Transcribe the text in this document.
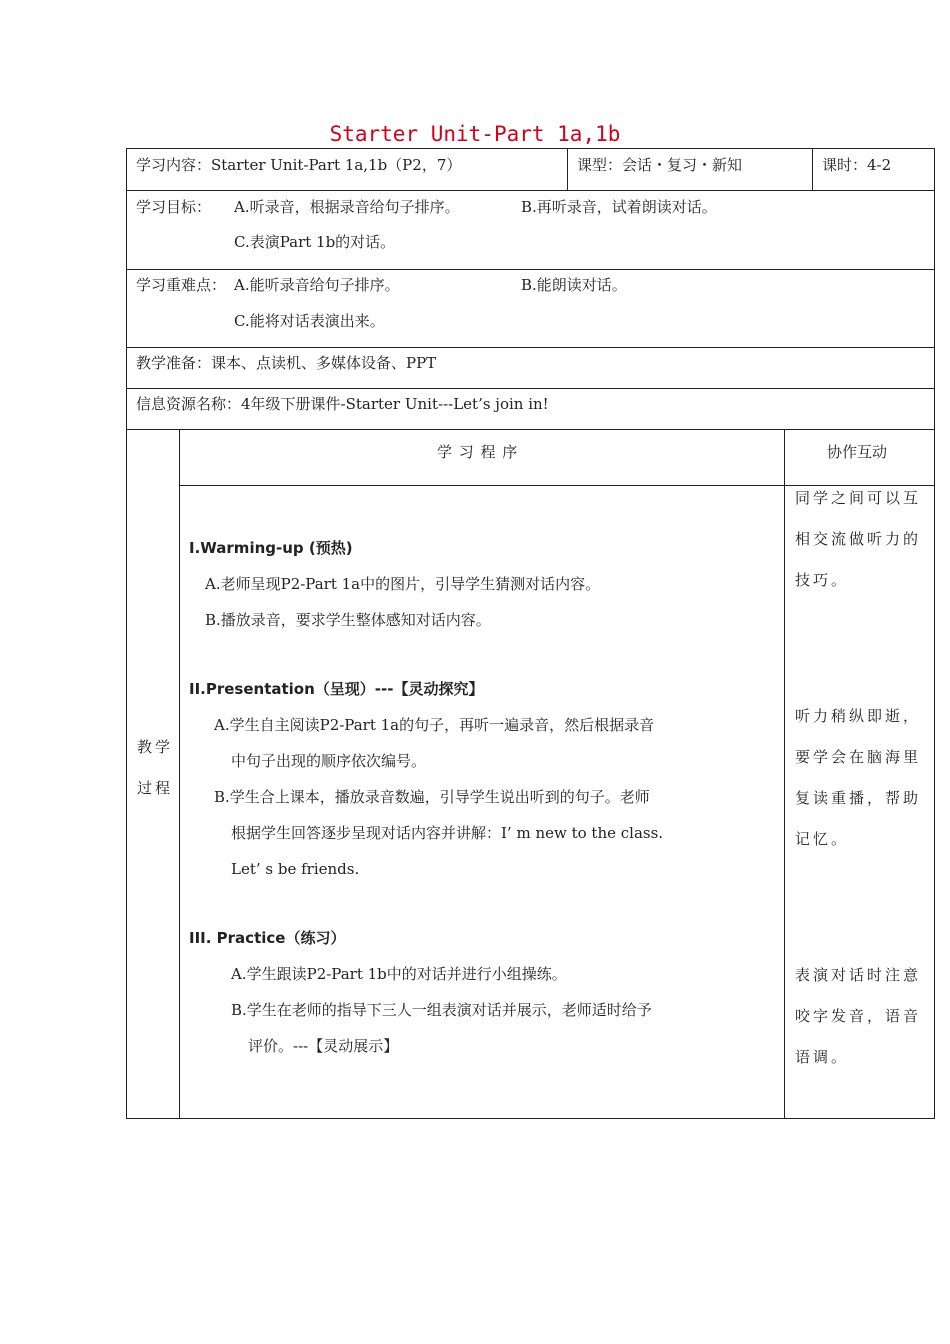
Starter Unit-Part 1a,1b
学习内容：Starter Unit-Part 1a,1b（P2，7）	课型：会话・复习・新知	课时：4-2
学习目标： A.听录音，根据录音给句子排序。	B.再听录音，试着朗读对话。
C.表演Part 1b的对话。
学习重难点： A.能听录音给句子排序。	B.能朗读对话。
C.能将对话表演出来。
教学准备：课本、点读机、多媒体设备、PPT
信息资源名称：4年级下册课件-Starter Unit---Let’s join in!
教学
过程
学 习 程 序	协作互动
I.Warming-up (预热)
A.老师呈现P2-Part 1a中的图片，引导学生猜测对话内容。
B.播放录音，要求学生整体感知对话内容。
II.Presentation（呈现）---【灵动探究】
A.学生自主阅读P2-Part 1a的句子，再听一遍录音，然后根据录音
中句子出现的顺序依次编号。
B.学生合上课本，播放录音数遍，引导学生说出听到的句子。老师
根据学生回答逐步呈现对话内容并讲解：I’ m new to the class.
Let’ s be friends.
III. Practice（练习）
A.学生跟读P2-Part 1b中的对话并进行小组操练。
B.学生在老师的指导下三人一组表演对话并展示，老师适时给予
评价。---【灵动展示】
同学之间可以互
相交流做听力的
技巧。
听力稍纵即逝，
要学会在脑海里
复读重播，帮助
记忆。
表演对话时注意
咬字发音，语音
语调。
